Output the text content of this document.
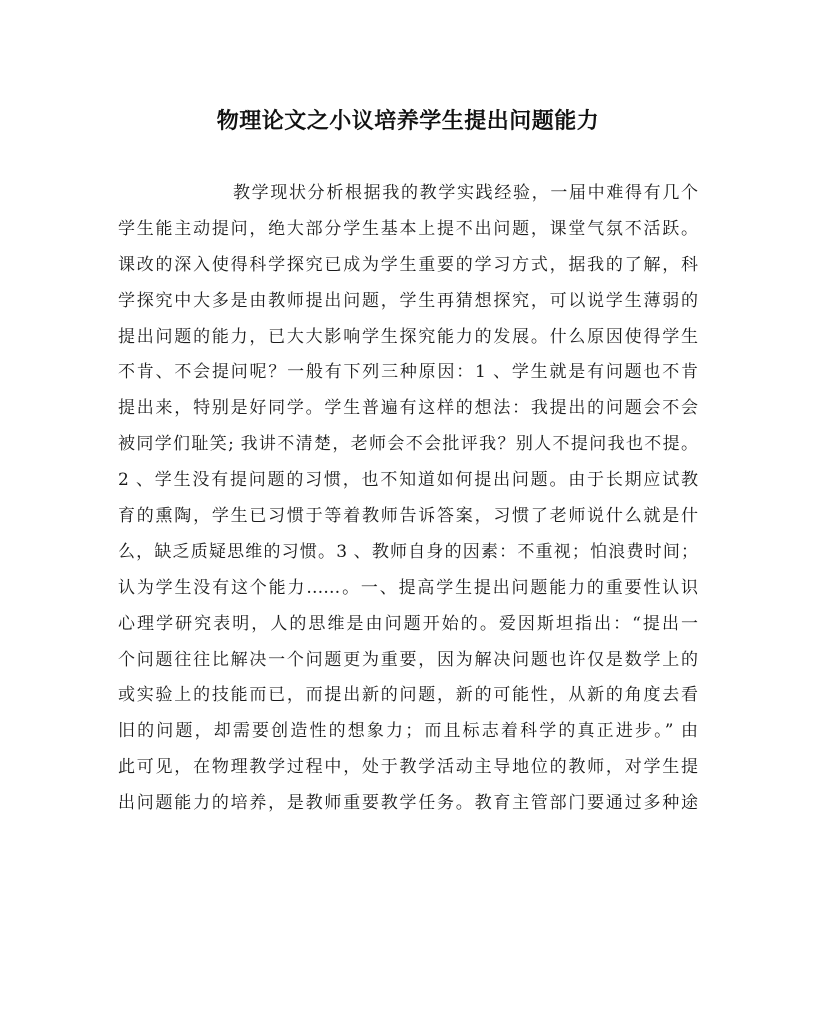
物理论文之小议培养学生提出问题能力
教学现状分析根据我的教学实践经验，一届中难得有几个
学生能主动提问，绝大部分学生基本上提不出问题，课堂气氛不活跃。
课改的深入使得科学探究已成为学生重要的学习方式，据我的了解，科
学探究中大多是由教师提出问题，学生再猜想探究，可以说学生薄弱的
提出问题的能力，已大大影响学生探究能力的发展。什么原因使得学生
不肯、不会提问呢？一般有下列三种原因：1 、学生就是有问题也不肯
提出来，特别是好同学。学生普遍有这样的想法：我提出的问题会不会
被同学们耻笑; 我讲不清楚，老师会不会批评我？别人不提问我也不提。
2 、学生没有提问题的习惯，也不知道如何提出问题。由于长期应试教
育的熏陶，学生已习惯于等着教师告诉答案，习惯了老师说什么就是什
么，缺乏质疑思维的习惯。3 、教师自身的因素：不重视；怕浪费时间；
认为学生没有这个能力……。一、提高学生提出问题能力的重要性认识
心理学研究表明，人的思维是由问题开始的。爱因斯坦指出：“提出一
个问题往往比解决一个问题更为重要，因为解决问题也许仅是数学上的
或实验上的技能而已，而提出新的问题，新的可能性，从新的角度去看
旧的问题，却需要创造性的想象力；而且标志着科学的真正进步。” 由
此可见，在物理教学过程中，处于教学活动主导地位的教师，对学生提
出问题能力的培养，是教师重要教学任务。教育主管部门要通过多种途
